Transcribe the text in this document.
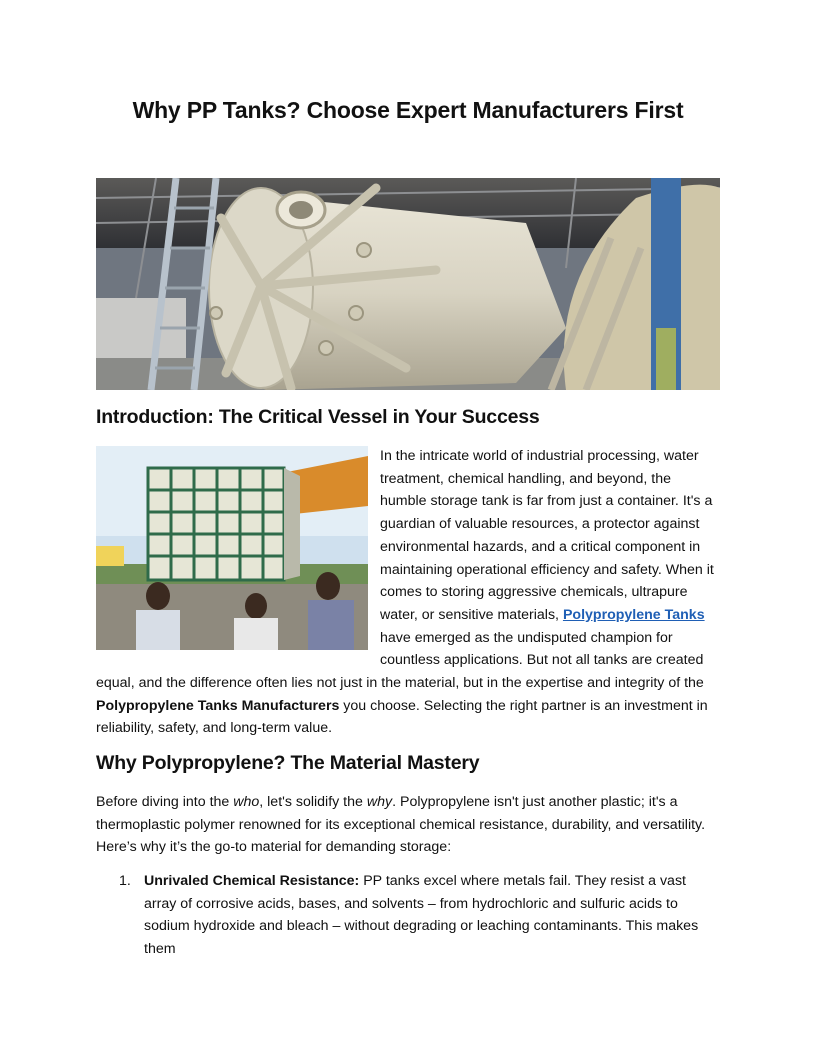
Why PP Tanks? Choose Expert Manufacturers First
Introduction: The Critical Vessel in Your Success

In the intricate world of industrial processing, water treatment, chemical handling, and beyond, the humble storage tank is far from just a container. It's a guardian of valuable resources, a protector against environmental hazards, and a critical component in maintaining operational efficiency and safety. When it comes to storing aggressive chemicals, ultrapure water, or sensitive materials, Polypropylene Tanks have emerged as the undisputed champion for countless applications. But not all tanks are created equal, and the difference often lies not just in the material, but in the expertise and integrity of the Polypropylene Tanks Manufacturers you choose. Selecting the right partner is an investment in reliability, safety, and long-term value.

Why Polypropylene? The Material Mastery

Before diving into the who, let's solidify the why. Polypropylene isn't just another plastic; it's a thermoplastic polymer renowned for its exceptional chemical resistance, durability, and versatility. Here’s why it’s the go-to material for demanding storage:

1. Unrivaled Chemical Resistance: PP tanks excel where metals fail. They resist a vast array of corrosive acids, bases, and solvents – from hydrochloric and sulfuric acids to sodium hydroxide and bleach – without degrading or leaching contaminants. This makes them
